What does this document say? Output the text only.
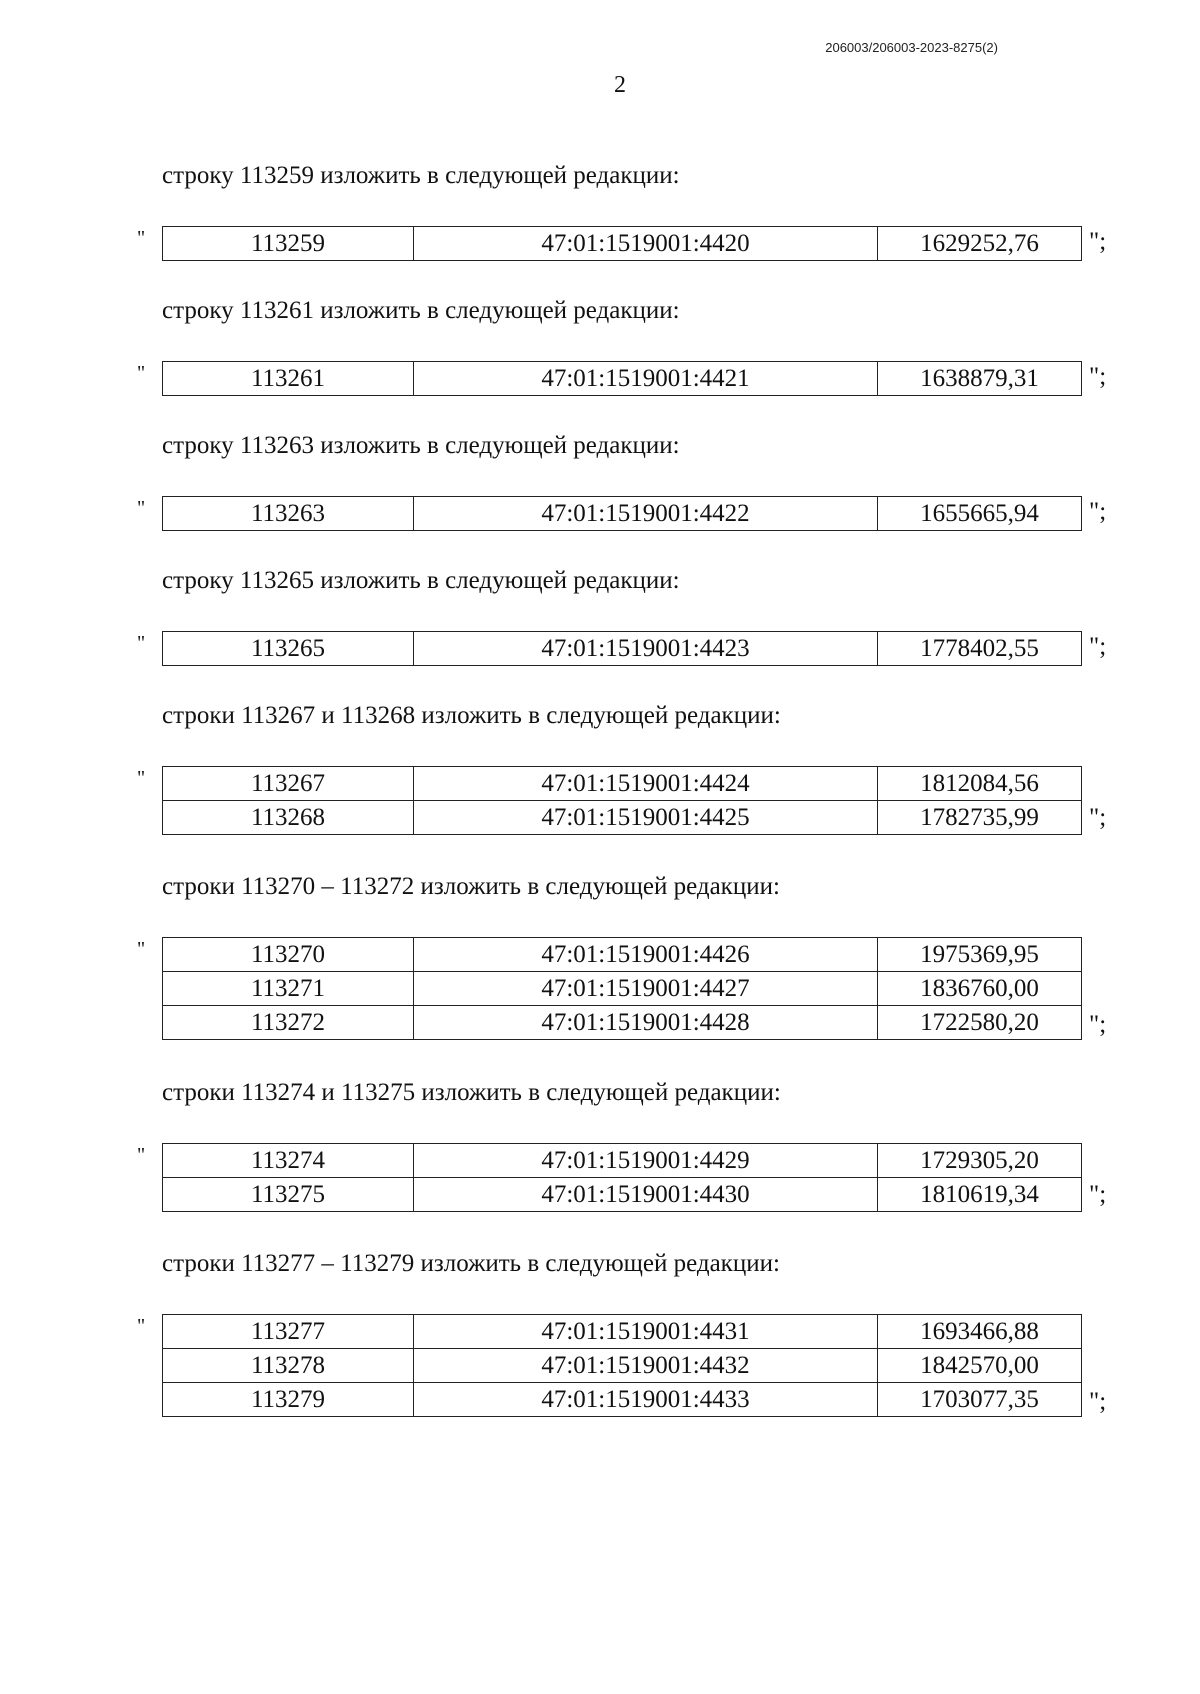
206003/206003-2023-8275(2)
2
строку 113259 изложить в следующей редакции:
"	113259	47:01:1519001:4420	1629252,76 ";
строку 113261 изложить в следующей редакции:
"	113261	47:01:1519001:4421	1638879,31 ";
строку 113263 изложить в следующей редакции:
"	113263	47:01:1519001:4422	1655665,94 ";
строку 113265 изложить в следующей редакции:
"	113265	47:01:1519001:4423	1778402,55 ";
строки 113267 и 113268 изложить в следующей редакции:
"	113267	47:01:1519001:4424	1812084,56
113268	47:01:1519001:4425	1782735,99 ";
строки 113270 – 113272 изложить в следующей редакции:
"	113270	47:01:1519001:4426	1975369,95
113271	47:01:1519001:4427	1836760,00
113272	47:01:1519001:4428	1722580,20 ";
строки 113274 и 113275 изложить в следующей редакции:
"	113274	47:01:1519001:4429	1729305,20
113275	47:01:1519001:4430	1810619,34 ";
строки 113277 – 113279 изложить в следующей редакции:
"	113277	47:01:1519001:4431	1693466,88
113278	47:01:1519001:4432	1842570,00
113279	47:01:1519001:4433	1703077,35 ";
